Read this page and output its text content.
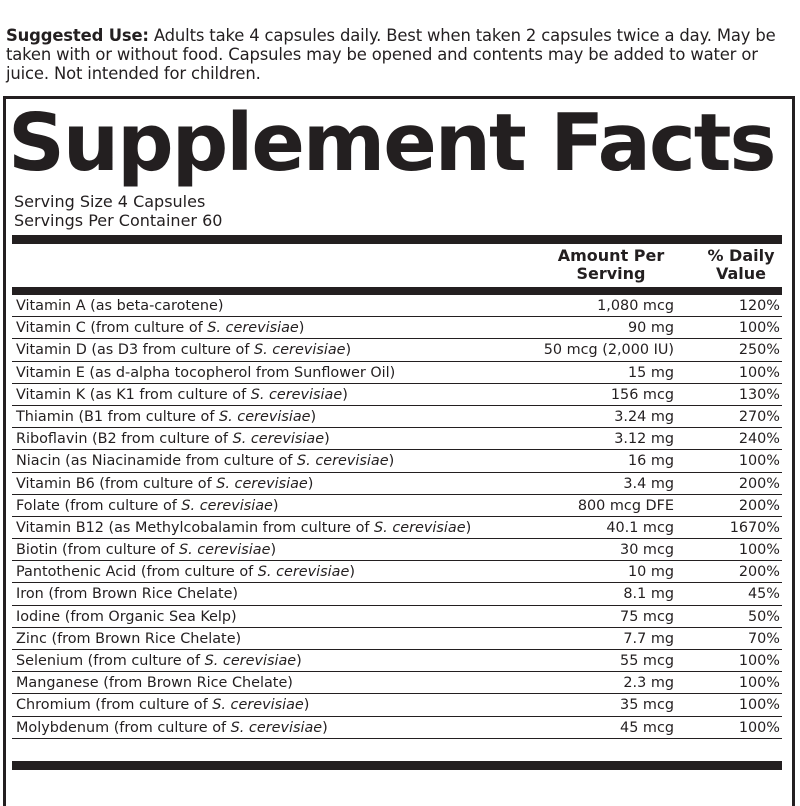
Suggested Use: Adults take 4 capsules daily. Best when taken 2 capsules twice a day. May be taken with or without food. Capsules may be opened and contents may be added to water or juice. Not intended for children.
Supplement Facts
Serving Size 4 Capsules
Servings Per Container 60
Amount Per Serving
% Daily Value
Vitamin A (as beta-carotene)	1,080 mcg	120%
Vitamin C (from culture of S. cerevisiae)	90 mg	100%
Vitamin D (as D3 from culture of S. cerevisiae)	50 mcg (2,000 IU)	250%
Vitamin E (as d-alpha tocopherol from Sunflower Oil)	15 mg	100%
Vitamin K (as K1 from culture of S. cerevisiae)	156 mcg	130%
Thiamin (B1 from culture of S. cerevisiae)	3.24 mg	270%
Riboflavin (B2 from culture of S. cerevisiae)	3.12 mg	240%
Niacin (as Niacinamide from culture of S. cerevisiae)	16 mg	100%
Vitamin B6 (from culture of S. cerevisiae)	3.4 mg	200%
Folate (from culture of S. cerevisiae)	800 mcg DFE	200%
Vitamin B12 (as Methylcobalamin from culture of S. cerevisiae)	40.1 mcg	1670%
Biotin (from culture of S. cerevisiae)	30 mcg	100%
Pantothenic Acid (from culture of S. cerevisiae)	10 mg	200%
Iron (from Brown Rice Chelate)	8.1 mg	45%
Iodine (from Organic Sea Kelp)	75 mcg	50%
Zinc (from Brown Rice Chelate)	7.7 mg	70%
Selenium (from culture of S. cerevisiae)	55 mcg	100%
Manganese (from Brown Rice Chelate)	2.3 mg	100%
Chromium (from culture of S. cerevisiae)	35 mcg	100%
Molybdenum (from culture of S. cerevisiae)	45 mcg	100%
